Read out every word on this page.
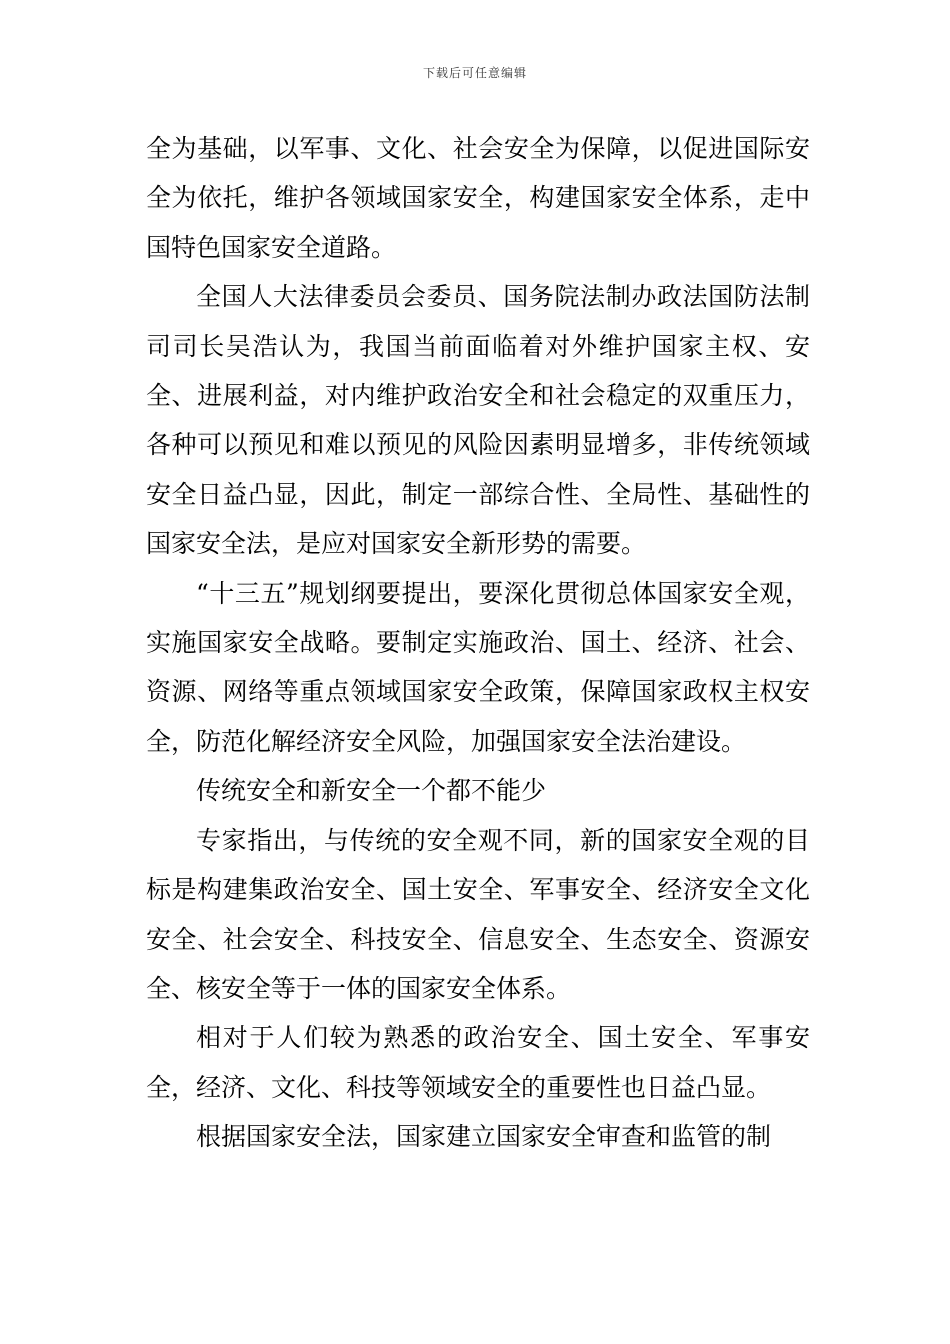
下载后可任意编辑

全为基础，以军事、文化、社会安全为保障，以促进国际安全为依托，维护各领域国家安全，构建国家安全体系，走中国特色国家安全道路。

全国人大法律委员会委员、国务院法制办政法国防法制司司长吴浩认为，我国当前面临着对外维护国家主权、安全、进展利益，对内维护政治安全和社会稳定的双重压力，各种可以预见和难以预见的风险因素明显增多，非传统领域安全日益凸显，因此，制定一部综合性、全局性、基础性的国家安全法，是应对国家安全新形势的需要。

“十三五”规划纲要提出，要深化贯彻总体国家安全观，实施国家安全战略。要制定实施政治、国土、经济、社会、资源、网络等重点领域国家安全政策，保障国家政权主权安全，防范化解经济安全风险，加强国家安全法治建设。

传统安全和新安全一个都不能少

专家指出，与传统的安全观不同，新的国家安全观的目标是构建集政治安全、国土安全、军事安全、经济安全文化安全、社会安全、科技安全、信息安全、生态安全、资源安全、核安全等于一体的国家安全体系。

相对于人们较为熟悉的政治安全、国土安全、军事安全，经济、文化、科技等领域安全的重要性也日益凸显。

根据国家安全法，国家建立国家安全审查和监管的制
